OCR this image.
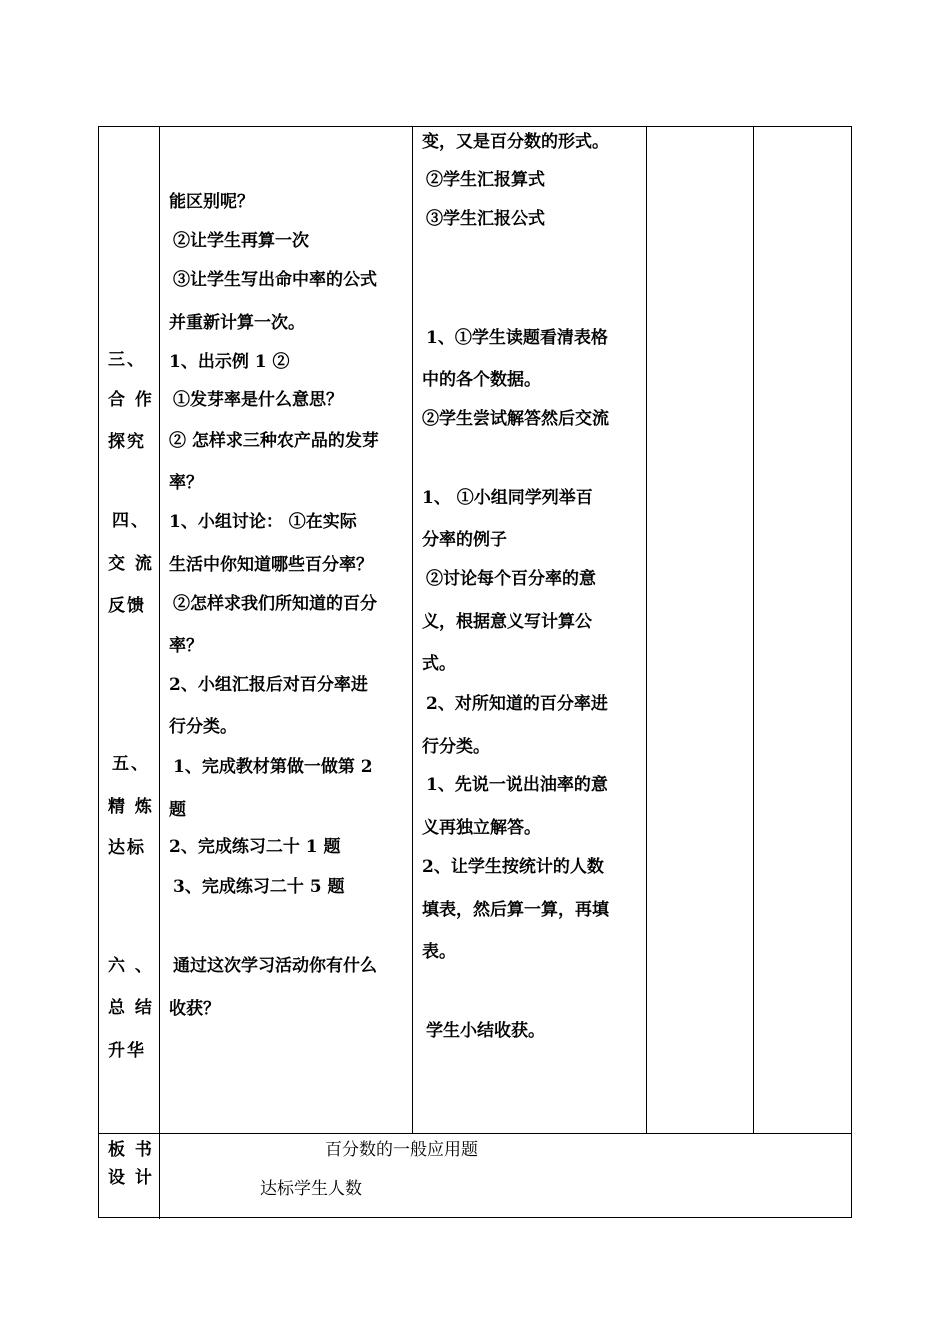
三、
合 作
探究
四、
交 流
反馈
五、
精 炼
达标
六 、
总 结
升华
能区别呢？
②让学生再算一次
③让学生写出命中率的公式
并重新计算一次。
1、出示例 1 ②
①发芽率是什么意思？
② 怎样求三种农产品的发芽
率？
1、小组讨论： ①在实际
生活中你知道哪些百分率？
②怎样求我们所知道的百分
率？
2、小组汇报后对百分率进
行分类。
1、完成教材第做一做第 2
题
2、完成练习二十 1 题
3、完成练习二十 5 题
通过这次学习活动你有什么
收获？
变，又是百分数的形式。
②学生汇报算式
③学生汇报公式
1、①学生读题看清表格
中的各个数据。
②学生尝试解答然后交流
1、 ①小组同学列举百
分率的例子
②讨论每个百分率的意
义，根据意义写计算公
式。
2、对所知道的百分率进
行分类。
1、先说一说出油率的意
义再独立解答。
2、让学生按统计的人数
填表，然后算一算，再填
表。
学生小结收获。
板 书
设 计
百分数的一般应用题
达标学生人数
